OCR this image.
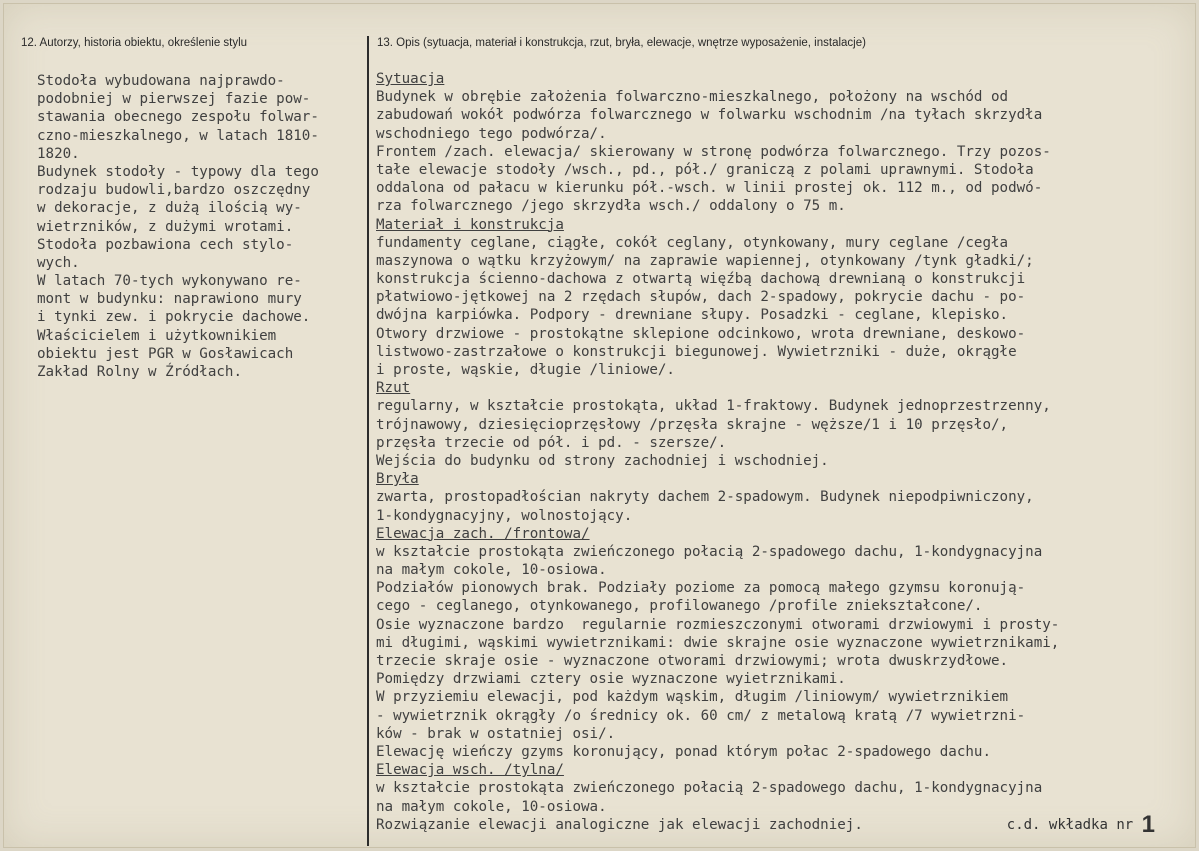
12. Autorzy, historia obiektu, określenie stylu	13. Opis (sytuacja, materiał i konstrukcja, rzut, bryła, elewacje, wnętrze wyposażenie, instalacje)
Stodoła wybudowana najprawdo-
podobniej w pierwszej fazie pow-
stawania obecnego zespołu folwar-
czno-mieszkalnego, w latach 1810-
1820.
Budynek stodoły - typowy dla tego
rodzaju budowli,bardzo oszczędny
w dekoracje, z dużą ilością wy-
wietrzników, z dużymi wrotami.
Stodoła pozbawiona cech stylo-
wych.
W latach 70-tych wykonywano re-
mont w budynku: naprawiono mury
i tynki zew. i pokrycie dachowe.
Właścicielem i użytkownikiem
obiektu jest PGR w Gosławicach
Zakład Rolny w Źródłach.
Sytuacja
Budynek w obrębie założenia folwarczno-mieszkalnego, położony na wschód od
zabudowań wokół podwórza folwarcznego w folwarku wschodnim /na tyłach skrzydła
wschodniego tego podwórza/.
Frontem /zach. elewacja/ skierowany w stronę podwórza folwarcznego. Trzy pozos-
tałe elewacje stodoły /wsch., pd., pół./ graniczą z polami uprawnymi. Stodoła
oddalona od pałacu w kierunku pół.-wsch. w linii prostej ok. 112 m., od podwó-
rza folwarcznego /jego skrzydła wsch./ oddalony o 75 m.
Materiał i konstrukcja
fundamenty ceglane, ciągłe, cokół ceglany, otynkowany, mury ceglane /cegła
maszynowa o wątku krzyżowym/ na zaprawie wapiennej, otynkowany /tynk gładki/;
konstrukcja ścienno-dachowa z otwartą więźbą dachową drewnianą o konstrukcji
płatwiowo-jętkowej na 2 rzędach słupów, dach 2-spadowy, pokrycie dachu - po-
dwójna karpiówka. Podpory - drewniane słupy. Posadzki - ceglane, klepisko.
Otwory drzwiowe - prostokątne sklepione odcinkowo, wrota drewniane, deskowo-
listwowo-zastrzałowe o konstrukcji biegunowej. Wywietrzniki - duże, okrągłe
i proste, wąskie, długie /liniowe/.
Rzut
regularny, w kształcie prostokąta, układ 1-fraktowy. Budynek jednoprzestrzenny,
trójnawowy, dziesięcioprzęsłowy /przęsła skrajne - węższe/1 i 10 przęsło/,
przęsła trzecie od pół. i pd. - szersze/.
Wejścia do budynku od strony zachodniej i wschodniej.
Bryła
zwarta, prostopadłościan nakryty dachem 2-spadowym. Budynek niepodpiwniczony,
1-kondygnacyjny, wolnostojący.
Elewacja zach. /frontowa/
w kształcie prostokąta zwieńczonego połacią 2-spadowego dachu, 1-kondygnacyjna
na małym cokole, 10-osiowa.
Podziałów pionowych brak. Podziały poziome za pomocą małego gzymsu koronują-
cego - ceglanego, otynkowanego, profilowanego /profile zniekształcone/.
Osie wyznaczone bardzo  regularnie rozmieszczonymi otworami drzwiowymi i prosty-
mi długimi, wąskimi wywietrznikami: dwie skrajne osie wyznaczone wywietrznikami,
trzecie skraje osie - wyznaczone otworami drzwiowymi; wrota dwuskrzydłowe.
Pomiędzy drzwiami cztery osie wyznaczone wyietrznikami.
W przyziemiu elewacji, pod każdym wąskim, długim /liniowym/ wywietrznikiem
- wywietrznik okrągły /o średnicy ok. 60 cm/ z metalową kratą /7 wywietrzni-
ków - brak w ostatniej osi/.
Elewację wieńczy gzyms koronujący, ponad którym połac 2-spadowego dachu.
Elewacja wsch. /tylna/
w kształcie prostokąta zwieńczonego połacią 2-spadowego dachu, 1-kondygnacyjna
na małym cokole, 10-osiowa.
Rozwiązanie elewacji analogiczne jak elewacji zachodniej.	c.d. wkładka nr 1
